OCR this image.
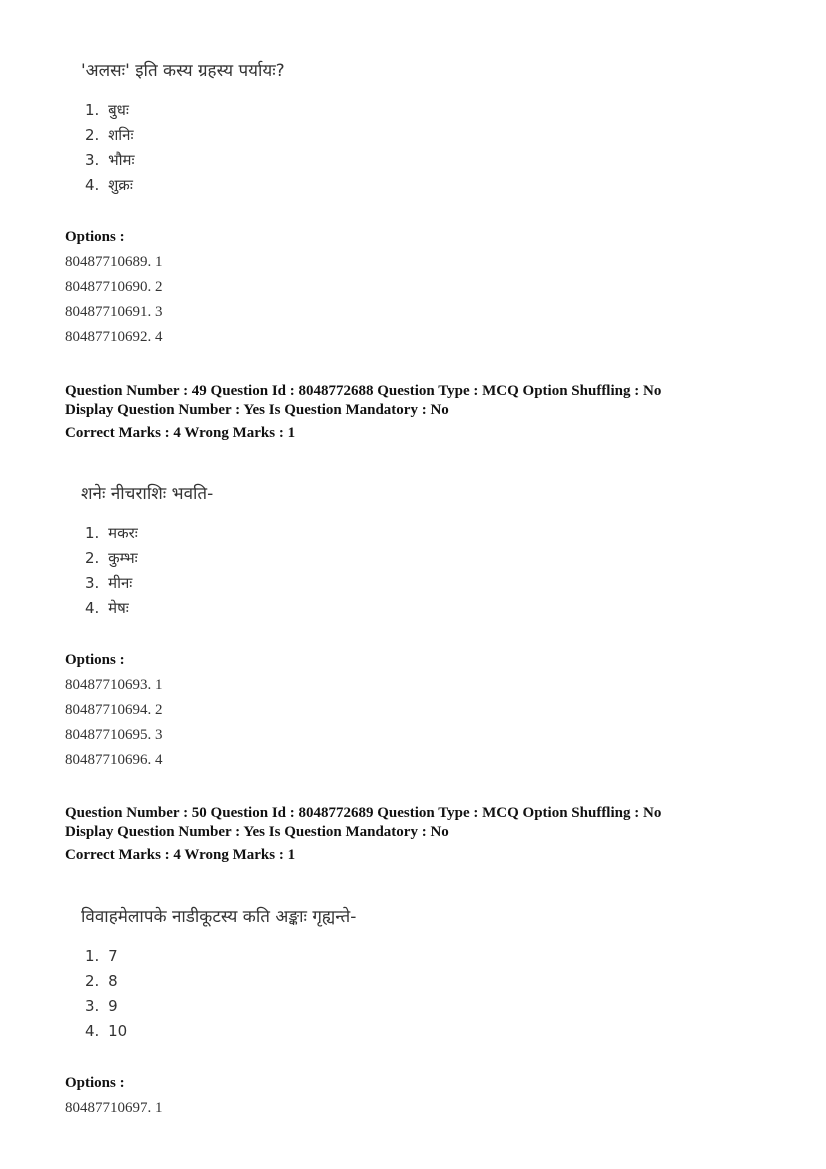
'अलसः' इति कस्य ग्रहस्य पर्यायः?
1. बुधः
2. शनिः
3. भौमः
4. शुक्रः
Options :
80487710689. 1
80487710690. 2
80487710691. 3
80487710692. 4
Question Number : 49 Question Id : 8048772688 Question Type : MCQ Option Shuffling : No
Display Question Number : Yes Is Question Mandatory : No
Correct Marks : 4 Wrong Marks : 1
शनेः नीचराशिः भवति-
1. मकरः
2. कुम्भः
3. मीनः
4. मेषः
Options :
80487710693. 1
80487710694. 2
80487710695. 3
80487710696. 4
Question Number : 50 Question Id : 8048772689 Question Type : MCQ Option Shuffling : No
Display Question Number : Yes Is Question Mandatory : No
Correct Marks : 4 Wrong Marks : 1
विवाहमेलापके नाडीकूटस्य कति अङ्काः गृह्यन्ते-
1. 7
2. 8
3. 9
4. 10
Options :
80487710697. 1
